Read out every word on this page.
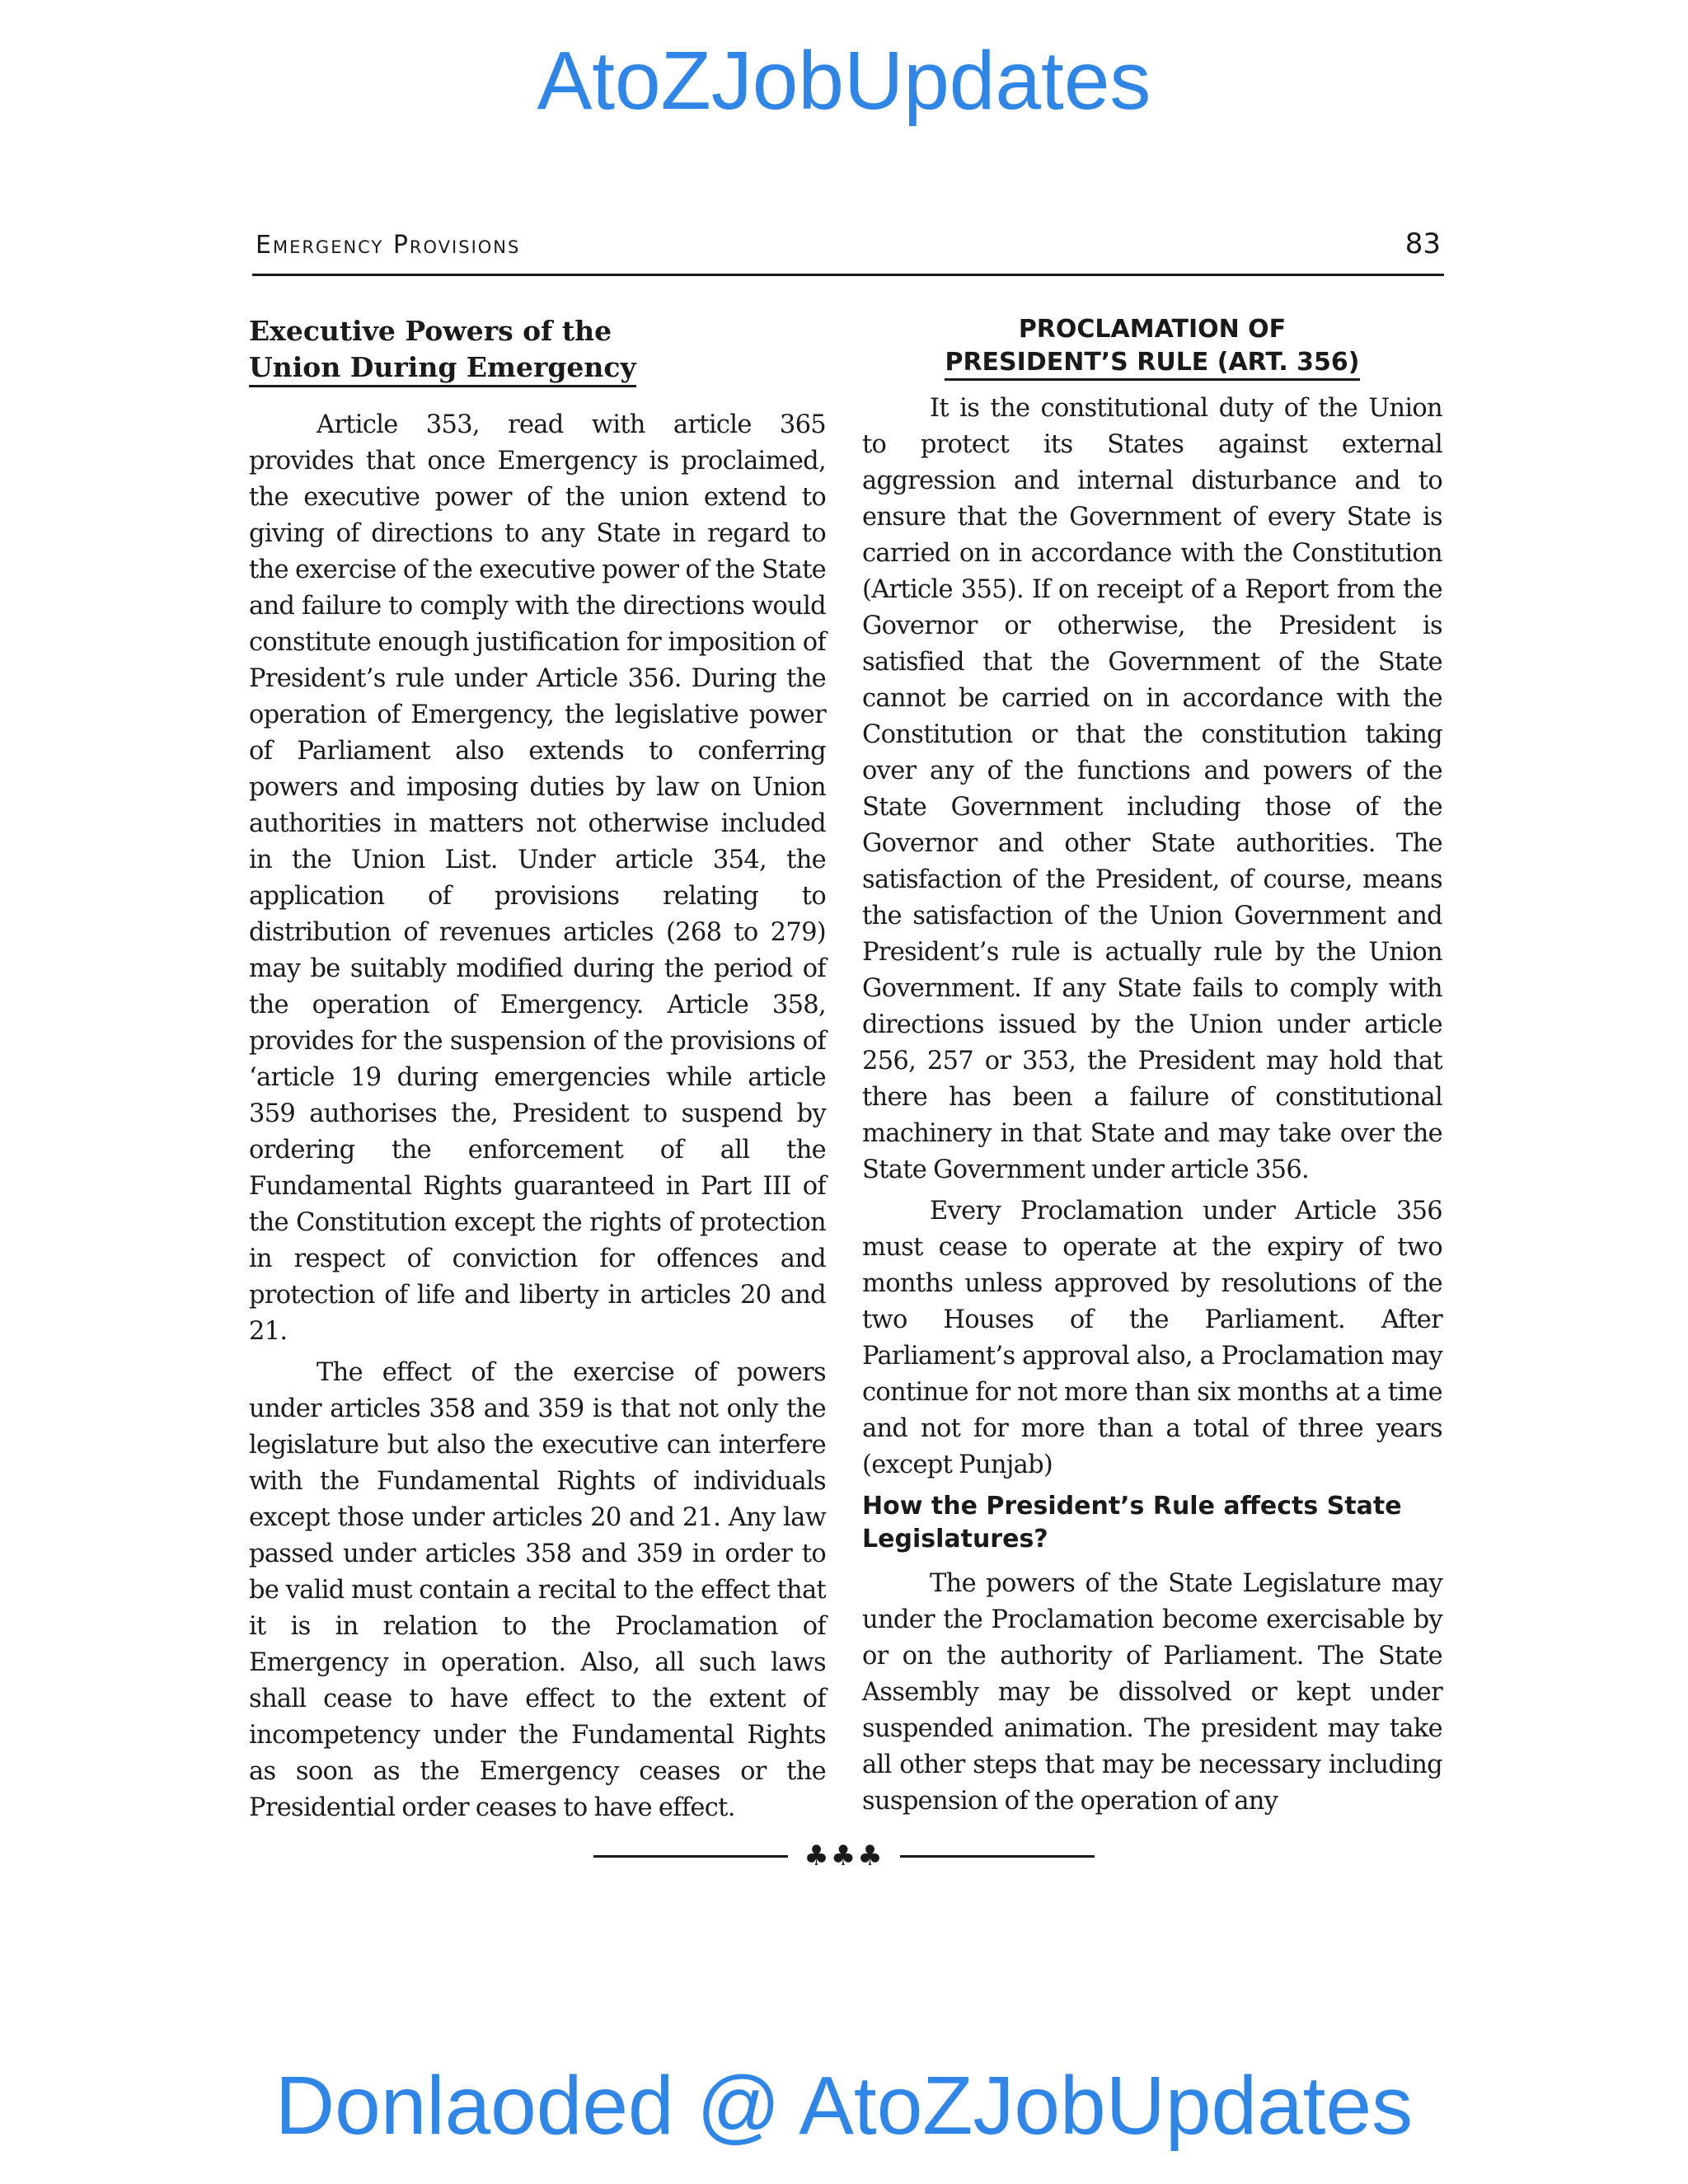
AtoZJobUpdates
Emergency Provisions	83
Executive Powers of the
Union During Emergency

Article 353, read with article 365 provides that once Emergency is proclaimed, the executive power of the union extend to giving of directions to any State in regard to the exercise of the executive power of the State and failure to comply with the directions would constitute enough justification for imposition of President’s rule under Article 356. During the operation of Emergency, the legislative power of Parliament also extends to conferring powers and imposing duties by law on Union authorities in matters not otherwise included in the Union List. Under article 354, the application of provisions relating to distribution of revenues articles (268 to 279) may be suitably modified during the period of the operation of Emergency. Article 358, provides for the suspension of the provisions of ‘article 19 during emergencies while article 359 authorises the, President to suspend by ordering the enforcement of all the Fundamental Rights guaranteed in Part III of the Constitution except the rights of protection in respect of conviction for offences and protection of life and liberty in articles 20 and 21.

The effect of the exercise of powers under articles 358 and 359 is that not only the legislature but also the executive can interfere with the Fundamental Rights of individuals except those under articles 20 and 21. Any law passed under articles 358 and 359 in order to be valid must contain a recital to the effect that it is in relation to the Proclamation of Emergency in operation. Also, all such laws shall cease to have effect to the extent of incompetency under the Fundamental Rights as soon as the Emergency ceases or the Presidential order ceases to have effect.

PROCLAMATION OF
PRESIDENT’S RULE (ART. 356)

It is the constitutional duty of the Union to protect its States against external aggression and internal disturbance and to ensure that the Government of every State is carried on in accordance with the Constitution (Article 355). If on receipt of a Report from the Governor or otherwise, the President is satisfied that the Government of the State cannot be carried on in accordance with the Constitution or that the constitution taking over any of the functions and powers of the State Government including those of the Governor and other State authorities. The satisfaction of the President, of course, means the satisfaction of the Union Government and President’s rule is actually rule by the Union Government. If any State fails to comply with directions issued by the Union under article 256, 257 or 353, the President may hold that there has been a failure of constitutional machinery in that State and may take over the State Government under article 356.

Every Proclamation under Article 356 must cease to operate at the expiry of two months unless approved by resolutions of the two Houses of the Parliament. After Parliament’s approval also, a Proclamation may continue for not more than six months at a time and not for more than a total of three years (except Punjab)

How the President’s Rule affects State Legislatures?

The powers of the State Legislature may under the Proclamation become exercisable by or on the authority of Parliament. The State Assembly may be dissolved or kept under suspended animation. The president may take all other steps that may be necessary including suspension of the operation of any

♣♣♣
Donlaoded @ AtoZJobUpdates
